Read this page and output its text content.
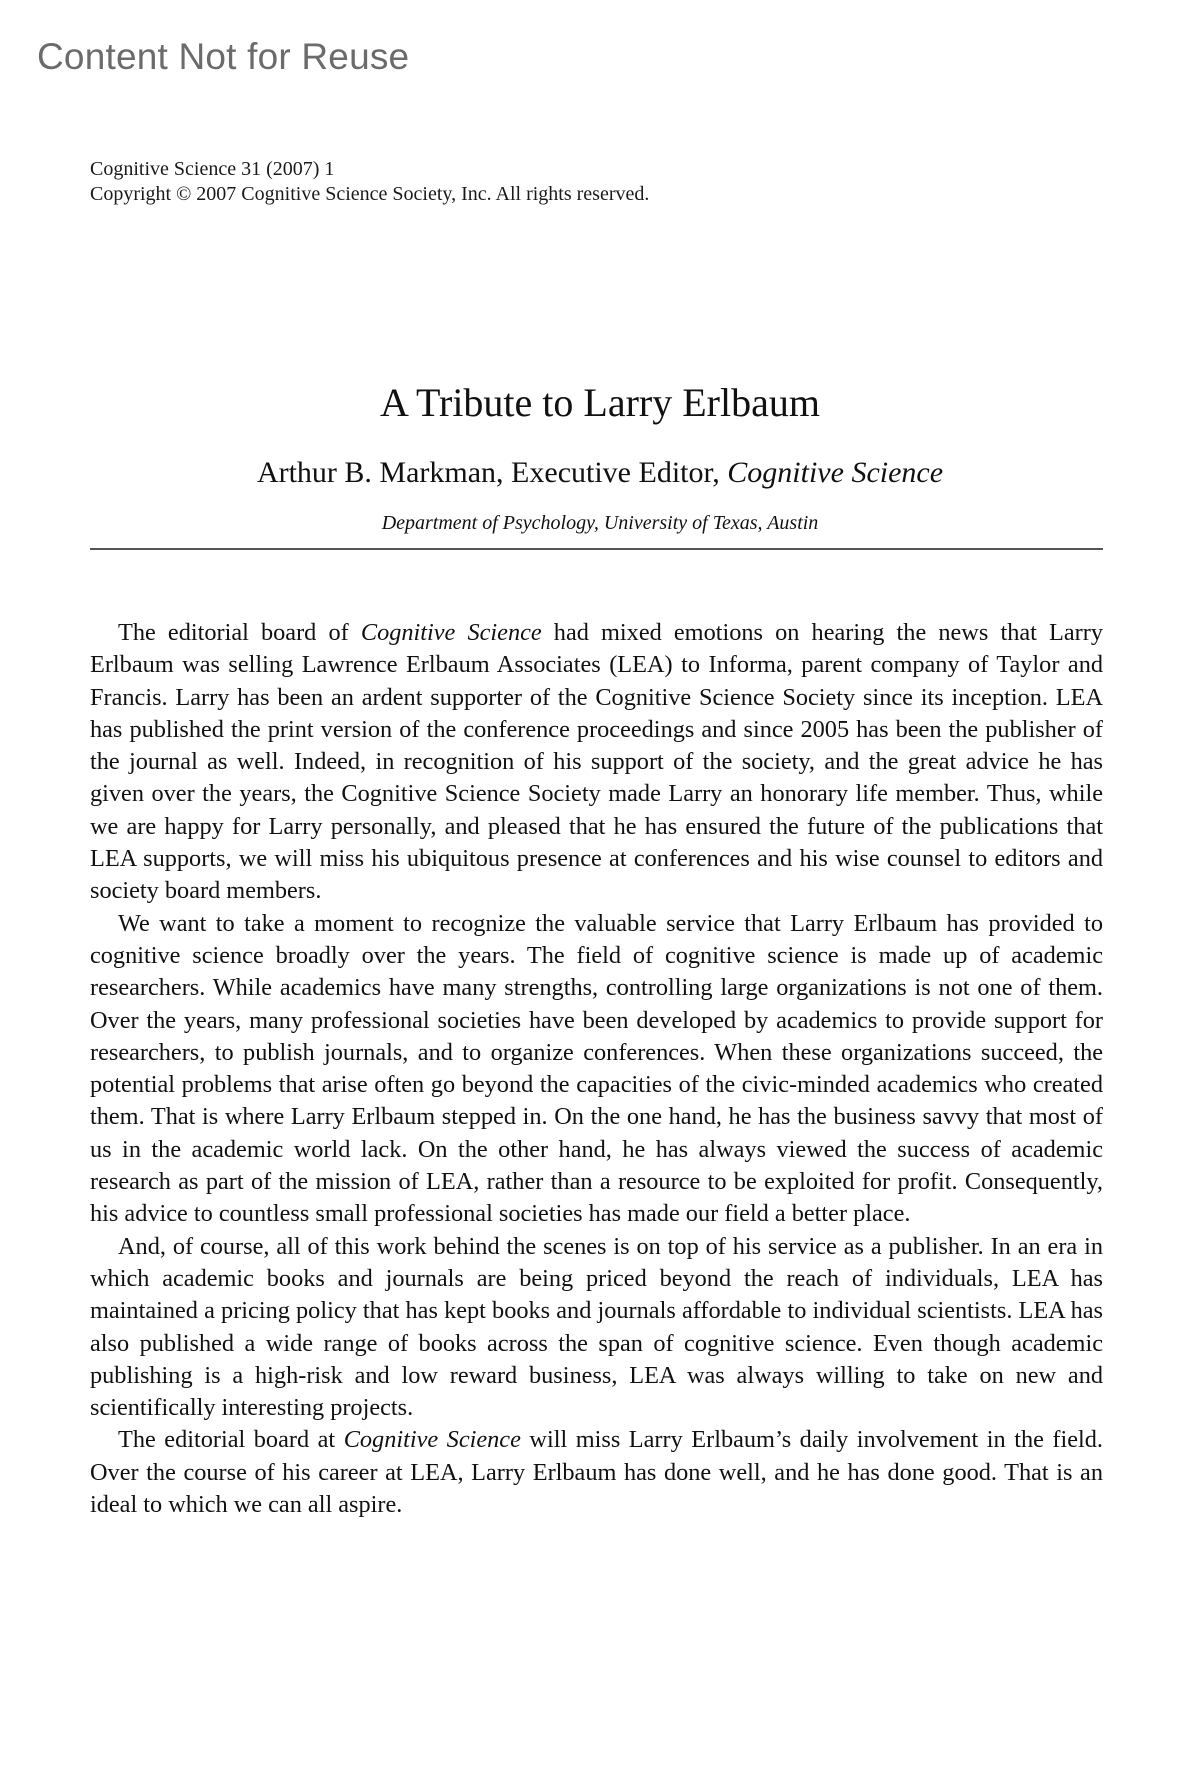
Content Not for Reuse
Cognitive Science 31 (2007) 1
Copyright © 2007 Cognitive Science Society, Inc. All rights reserved.
A Tribute to Larry Erlbaum
Arthur B. Markman, Executive Editor, Cognitive Science
Department of Psychology, University of Texas, Austin

The editorial board of Cognitive Science had mixed emotions on hearing the news that Larry Erlbaum was selling Lawrence Erlbaum Associates (LEA) to Informa, parent company of Taylor and Francis. Larry has been an ardent supporter of the Cognitive Science Society since its inception. LEA has published the print version of the conference proceedings and since 2005 has been the publisher of the journal as well. Indeed, in recognition of his support of the society, and the great advice he has given over the years, the Cognitive Science Society made Larry an honorary life member. Thus, while we are happy for Larry personally, and pleased that he has ensured the future of the publications that LEA supports, we will miss his ubiquitous presence at conferences and his wise counsel to editors and society board members.

We want to take a moment to recognize the valuable service that Larry Erlbaum has provided to cognitive science broadly over the years. The field of cognitive science is made up of academic researchers. While academics have many strengths, controlling large organizations is not one of them. Over the years, many professional societies have been developed by academics to provide support for researchers, to publish journals, and to organize conferences. When these organizations succeed, the potential problems that arise often go beyond the capacities of the civic-minded academics who created them. That is where Larry Erlbaum stepped in. On the one hand, he has the business savvy that most of us in the academic world lack. On the other hand, he has always viewed the success of academic research as part of the mission of LEA, rather than a resource to be exploited for profit. Consequently, his advice to countless small professional societies has made our field a better place.

And, of course, all of this work behind the scenes is on top of his service as a publisher. In an era in which academic books and journals are being priced beyond the reach of individuals, LEA has maintained a pricing policy that has kept books and journals affordable to individual scientists. LEA has also published a wide range of books across the span of cognitive science. Even though academic publishing is a high-risk and low reward business, LEA was always willing to take on new and scientifically interesting projects.

The editorial board at Cognitive Science will miss Larry Erlbaum’s daily involvement in the field. Over the course of his career at LEA, Larry Erlbaum has done well, and he has done good. That is an ideal to which we can all aspire.
